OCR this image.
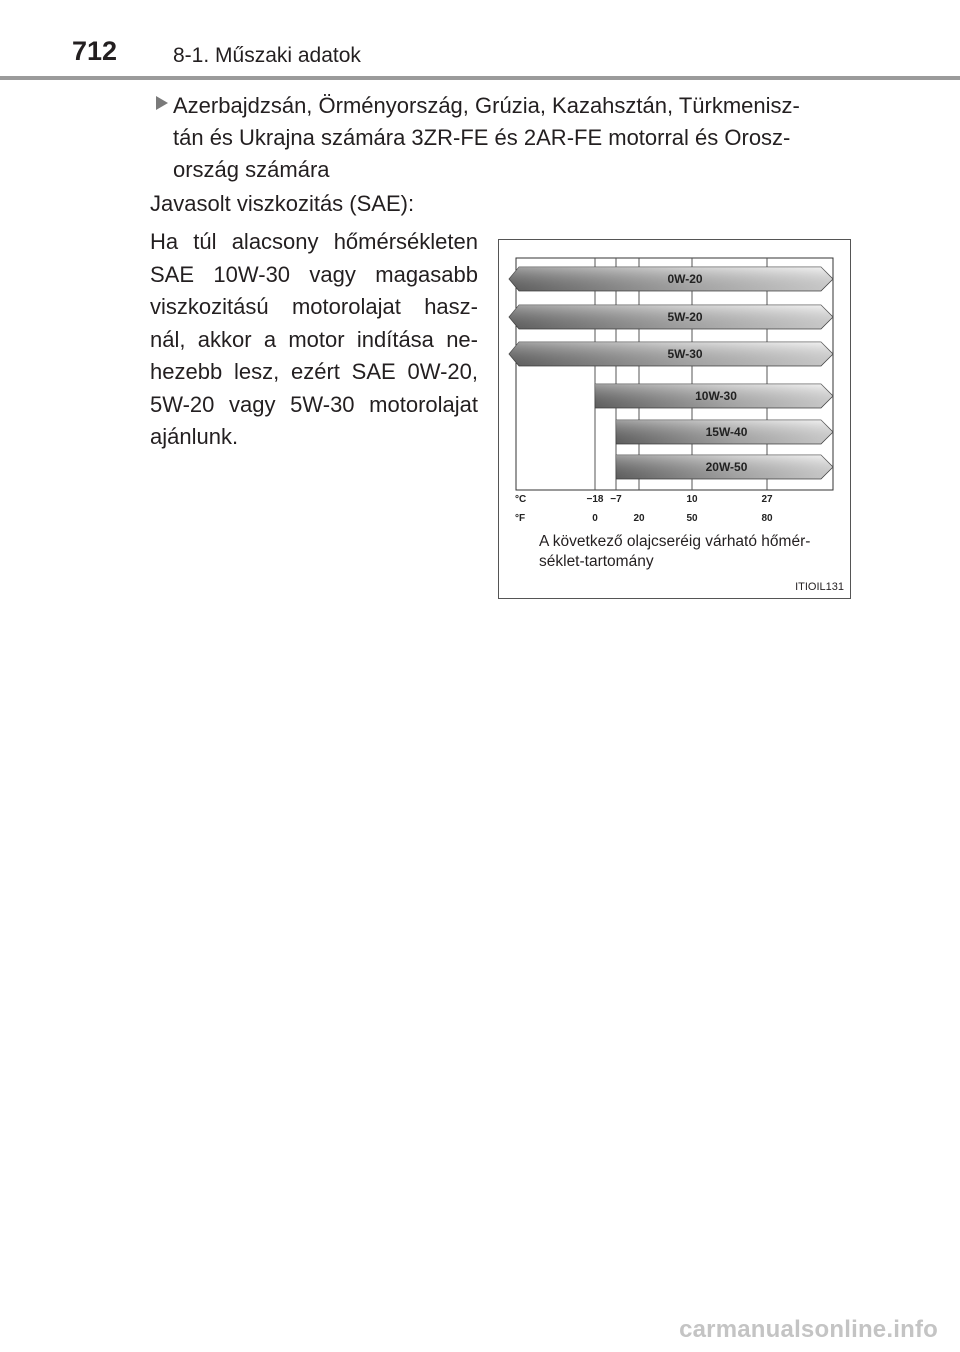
712	8-1. Műszaki adatok
Azerbajdzsán, Örményország, Grúzia, Kazahsztán, Türkmenisz-
tán és Ukrajna számára 3ZR-FE és 2AR-FE motorral és Orosz-
ország számára
Javasolt viszkozitás (SAE):
Ha túl alacsony hőmérsékleten SAE 10W-30 vagy magasabb viszkozitású motorolajat hasz-​nál, akkor a motor indítása ne-​hezebb lesz, ezért SAE 0W-20, 5W-20 vagy 5W-30 motorolajat ajánlunk.
0W-20
5W-20
5W-30
10W-30
15W-40
20W-50
°C
°F
−18 −7	10	27
0	20	50	80
A következő olajcseréig várható hőmér-
séklet-tartomány
ITIOIL131
carmanualsonline.info
